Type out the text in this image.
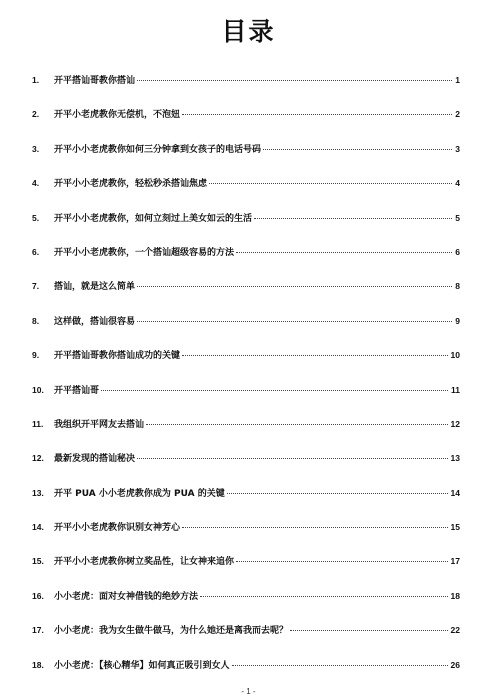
目录
1.	开平搭讪哥教你搭讪	1
2.	开平小老虎教你无偿机，不泡妞	2
3.	开平小小老虎教你如何三分钟拿到女孩子的电话号码	3
4.	开平小小老虎教你，轻松秒杀搭讪焦虑	4
5.	开平小小老虎教你，如何立刻过上美女如云的生活	5
6.	开平小小老虎教你，一个搭讪超级容易的方法	6
7.	搭讪，就是这么简单	8
8.	这样做，搭讪很容易	9
9.	开平搭讪哥教你搭讪成功的关键	10
10.	开平搭讪哥	11
11.	我组织开平网友去搭讪	12
12.	最新发现的搭讪秘决	13
13.	开平 PUA 小小老虎教你成为 PUA 的关键	14
14.	开平小小老虎教你识别女神芳心	15
15.	开平小小老虎教你树立奖品性，让女神来追你	17
16.	小小老虎：面对女神借钱的绝妙方法	18
17.	小小老虎：我为女生做牛做马，为什么她还是离我而去呢？	22
18.	小小老虎：【核心精华】如何真正吸引到女人	26
- 1 -
